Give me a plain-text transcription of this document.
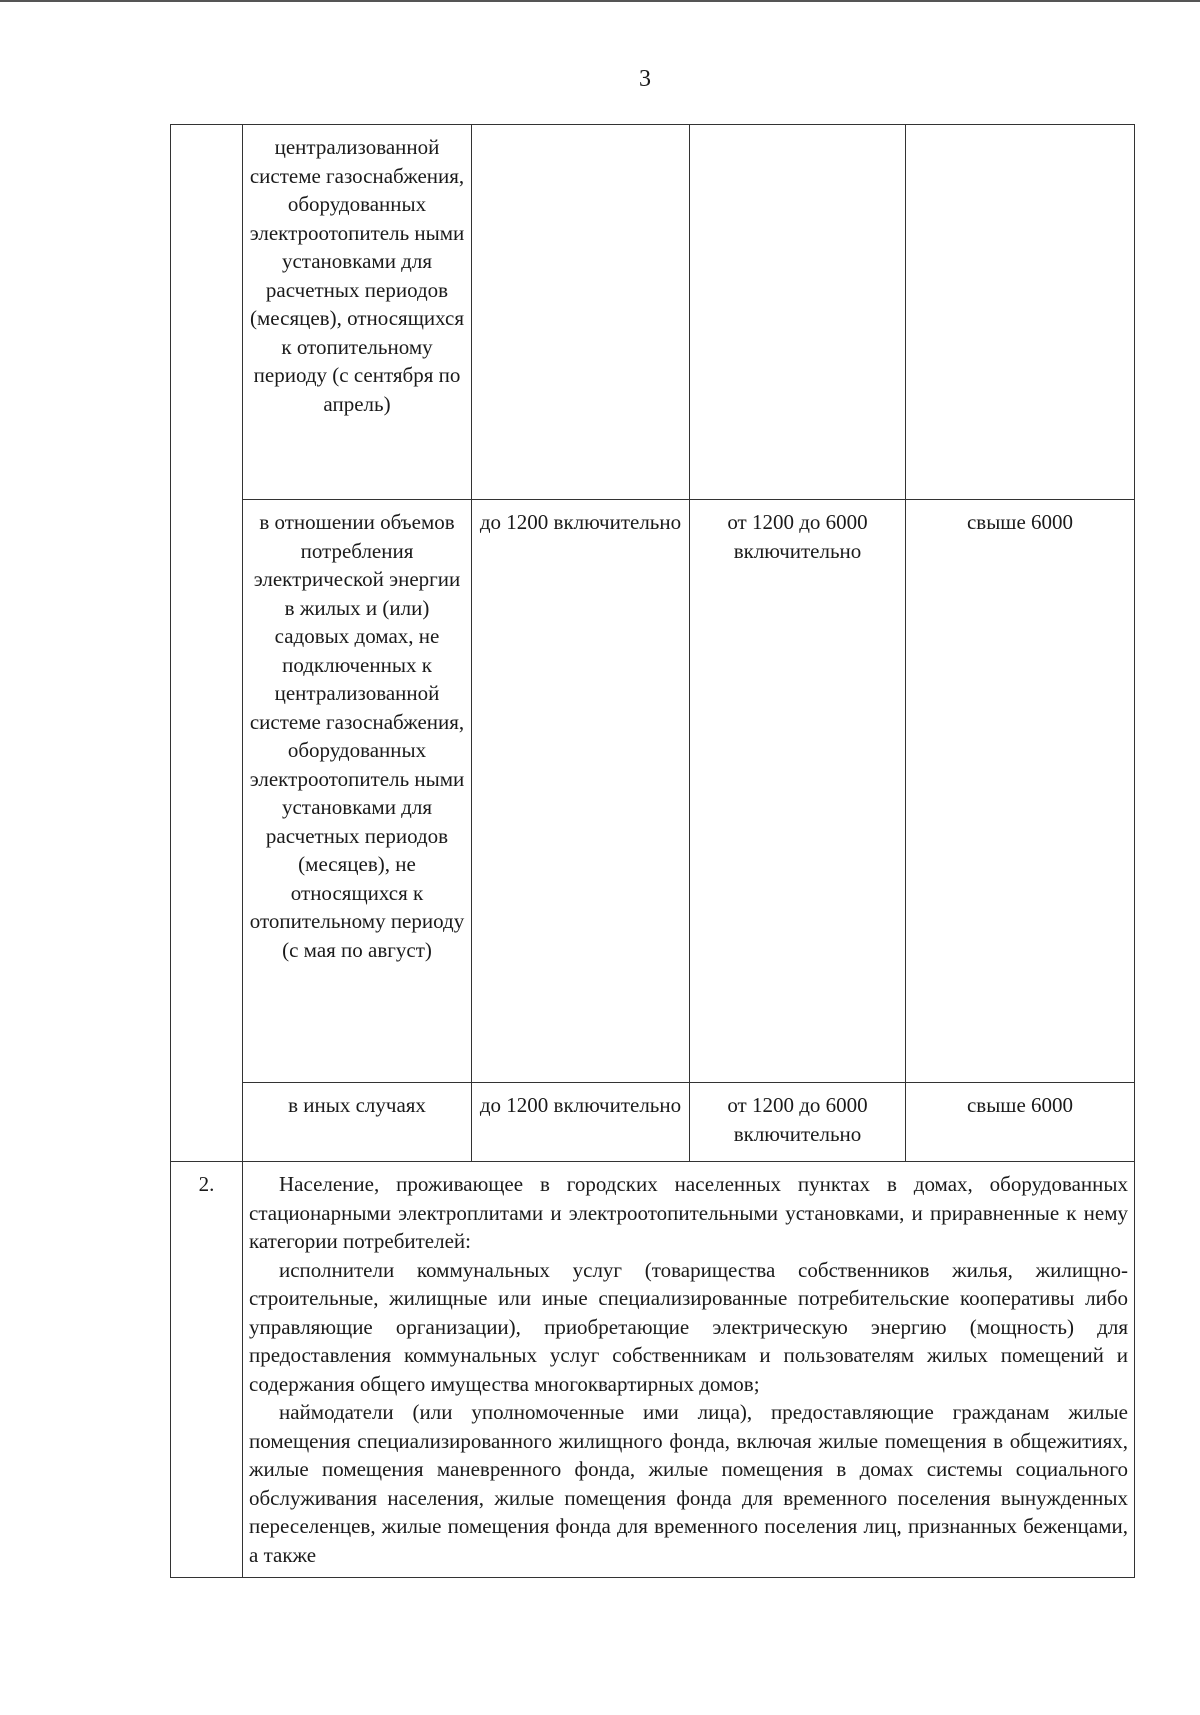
3

	централизованной системе газоснабжения, оборудованных электроотопитель ными установками для расчетных периодов (месяцев), относящихся к отопительному периоду (с сентября по апрель)			

	в отношении объемов потребления электрической энергии в жилых и (или) садовых домах, не подключенных к централизованной системе газоснабжения, оборудованных электроотопитель ными установками для расчетных периодов (месяцев), не относящихся к отопительному периоду (с мая по август)	до 1200 включительно	от 1200 до 6000 включительно	свыше 6000

	в иных случаях	до 1200 включительно	от 1200 до 6000 включительно	свыше 6000

2.	Население, проживающее в городских населенных пунктах в домах, оборудованных стационарными электроплитами и электроотопительными установками, и приравненные к нему категории потребителей:

исполнители коммунальных услуг (товарищества собственников жилья, жилищно-строительные, жилищные или иные специализированные потребительские кооперативы либо управляющие организации), приобретающие электрическую энергию (мощность) для предоставления коммунальных услуг собственникам и пользователям жилых помещений и содержания общего имущества многоквартирных домов;

наймодатели (или уполномоченные ими лица), предоставляющие гражданам жилые помещения специализированного жилищного фонда, включая жилые помещения в общежитиях, жилые помещения маневренного фонда, жилые помещения в домах системы социального обслуживания населения, жилые помещения фонда для временного поселения вынужденных переселенцев, жилые помещения фонда для временного поселения лиц, признанных беженцами, а также			
